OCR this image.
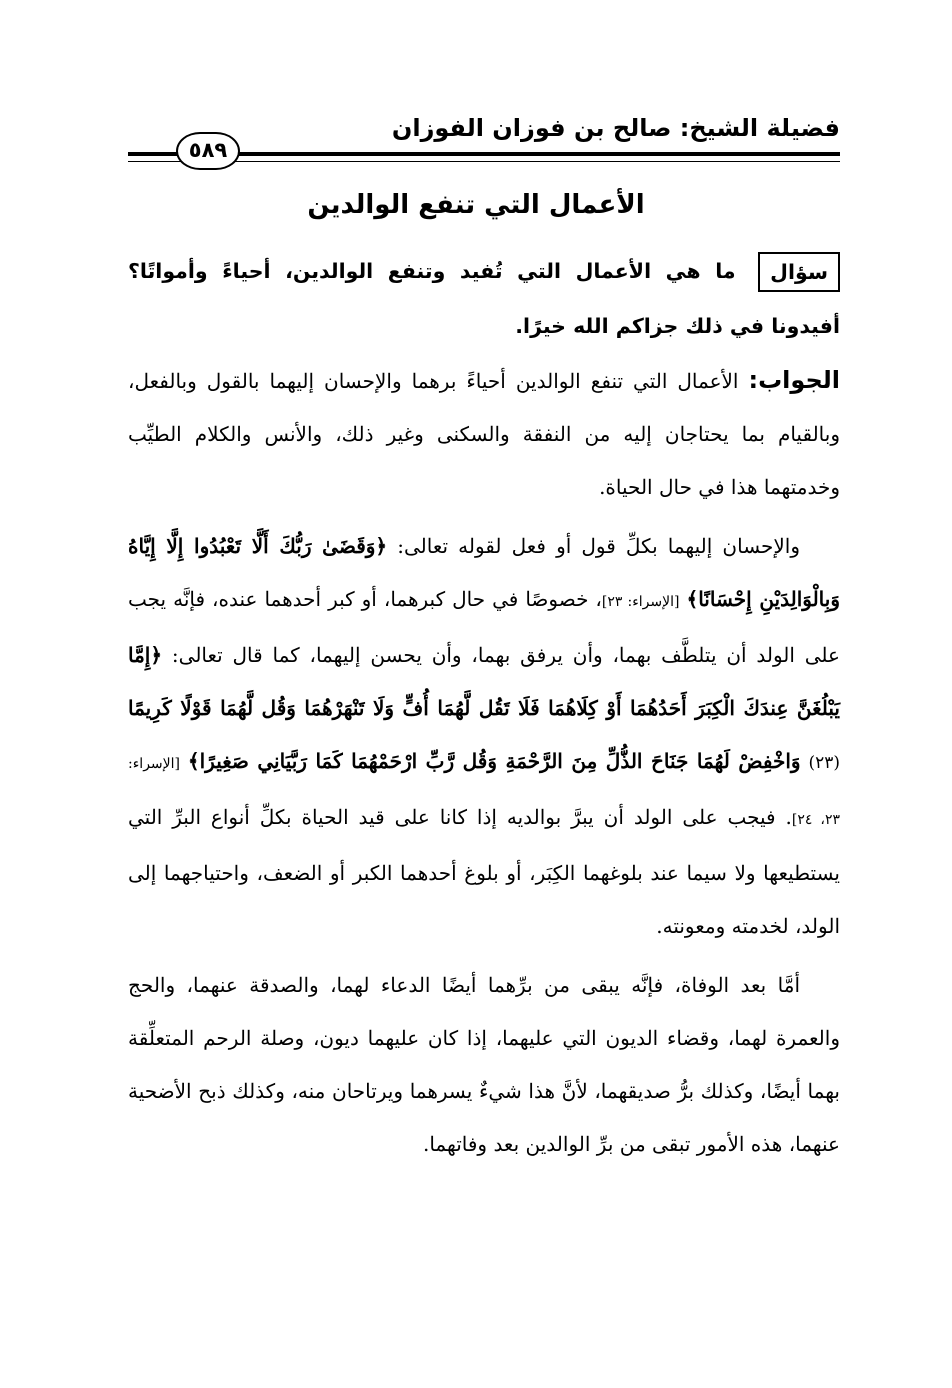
فضيلة الشيخ: صالح بن فوزان الفوزان
٥٨٩
الأعمال التي تنفع الوالدين
سؤال ما هي الأعمال التي تُفيد وتنفع الوالدين، أحياءً وأمواتًا؟ أفيدونا في ذلك جزاكم الله خيرًا.

الجواب: الأعمال التي تنفع الوالدين أحياءً برهما والإحسان إليهما بالقول وبالفعل، وبالقيام بما يحتاجان إليه من النفقة والسكنى وغير ذلك، والأنس والكلام الطيِّب وخدمتهما هذا في حال الحياة.

والإحسان إليهما بكلِّ قول أو فعل لقوله تعالى: ﴿وَقَضَىٰ رَبُّكَ أَلَّا تَعْبُدُوا إِلَّا إِيَّاهُ وَبِالْوَالِدَيْنِ إِحْسَانًا﴾ [الإسراء: ٢٣]، خصوصًا في حال كبرهما، أو كبر أحدهما عنده، فإنَّه يجب على الولد أن يتلطَّف بهما، وأن يرفق بهما، وأن يحسن إليهما، كما قال تعالى: ﴿إِمَّا يَبْلُغَنَّ عِندَكَ الْكِبَرَ أَحَدُهُمَا أَوْ كِلَاهُمَا فَلَا تَقُل لَّهُمَا أُفٍّ وَلَا تَنْهَرْهُمَا وَقُل لَّهُمَا قَوْلًا كَرِيمًا (٢٣) وَاخْفِضْ لَهُمَا جَنَاحَ الذُّلِّ مِنَ الرَّحْمَةِ وَقُل رَّبِّ ارْحَمْهُمَا كَمَا رَبَّيَانِي صَغِيرًا﴾ [الإسراء: ٢٣، ٢٤]. فيجب على الولد أن يبرَّ بوالديه إذا كانا على قيد الحياة بكلِّ أنواع البرِّ التي يستطيعها ولا سيما عند بلوغهما الكِبَر، أو بلوغ أحدهما الكبر أو الضعف، واحتياجهما إلى الولد، لخدمته ومعونته.

أمَّا بعد الوفاة، فإنَّه يبقى من برِّهما أيضًا الدعاء لهما، والصدقة عنهما، والحج والعمرة لهما، وقضاء الديون التي عليهما، إذا كان عليهما ديون، وصلة الرحم المتعلِّقة بهما أيضًا، وكذلك برُّ صديقهما، لأنَّ هذا شيءٌ يسرهما ويرتاحان منه، وكذلك ذبح الأضحية عنهما، هذه الأمور تبقى من برِّ الوالدين بعد وفاتهما.
